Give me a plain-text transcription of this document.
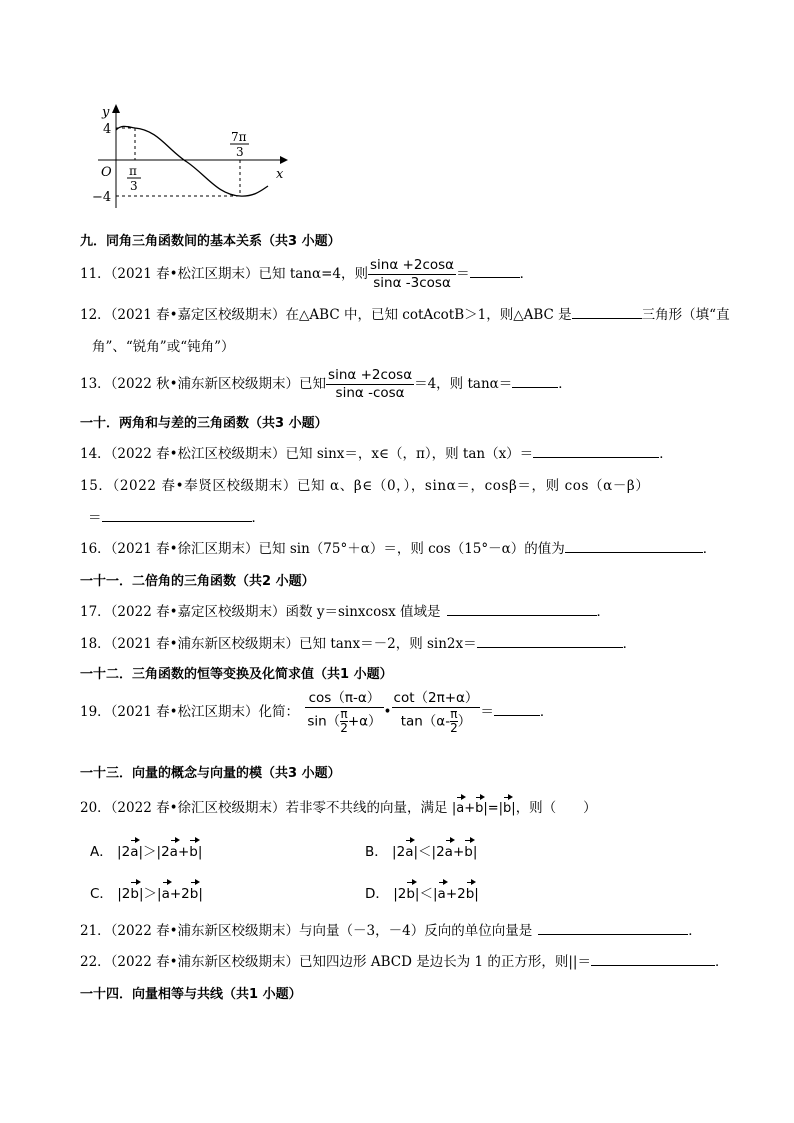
y
x
O
4
−4
π
3
7π
3
九．同角三角函数间的基本关系（共3 小题）
11．（2021 春•松江区期末）已知 tanα=4，则 $\frac{\sin\alpha +2\cos\alpha}{\sin\alpha -3\cos\alpha}$ ＝	．
12．（2021 春•嘉定区校级期末）在△ABC 中，已知 cotAcotB＞1，则△ABC 是	三角形（填“直
角”、“锐角”或“钝角”）
13．（2022 秋•浦东新区校级期末）已知 $\frac{\sin\alpha +2\cos\alpha}{\sin\alpha -\cos\alpha} =4$，则 tanα＝	．
一十．两角和与差的三角函数（共3 小题）
14．（2022 春•松江区校级期末）已知 sinx＝，x∈（，π），则 tan（x）＝	．
15．（2022 春•奉贤区校级期末）已知 α、β∈（0，），sinα＝，cosβ＝，则 cos（α－β）
＝	．
16．（2021 春•徐汇区期末）已知 sin（75°＋α）＝，则 cos（15°－α）的值为	．
一十一．二倍角的三角函数（共2 小题）
17．（2022 春•嘉定区校级期末）函数 y＝sinxcosx 值域是	．
18．（2021 春•浦东新区校级期末）已知 tanx＝－2，则 sin2x＝	．
一十二．三角函数的恒等变换及化简求值（共1 小题）
19．（2021 春•松江区期末）化简： $\frac{\cos(\pi-\alpha)}{\sin( \frac{\pi}{2} +\alpha)}$ • $\frac{\cot(2\pi+\alpha)}{\tan(\alpha- \frac{\pi}{2} )}$ ＝	．
一十三．向量的概念与向量的模（共3 小题）
20．（2022 春•徐汇区校级期末）若非零不共线的向量，满足 |a+b|=|b|，则（　　）
A． |2a|＞|2a+b|	B． |2a|＜|2a+b|
C． |2b|＞|a+2b|	D． |2b|＜|a+2b|
21．（2022 春•浦东新区校级期末）与向量（－3，－4）反向的单位向量是	．
22．（2022 春•浦东新区校级期末）已知四边形 ABCD 是边长为 1 的正方形，则||＝	．
一十四．向量相等与共线（共1 小题）
